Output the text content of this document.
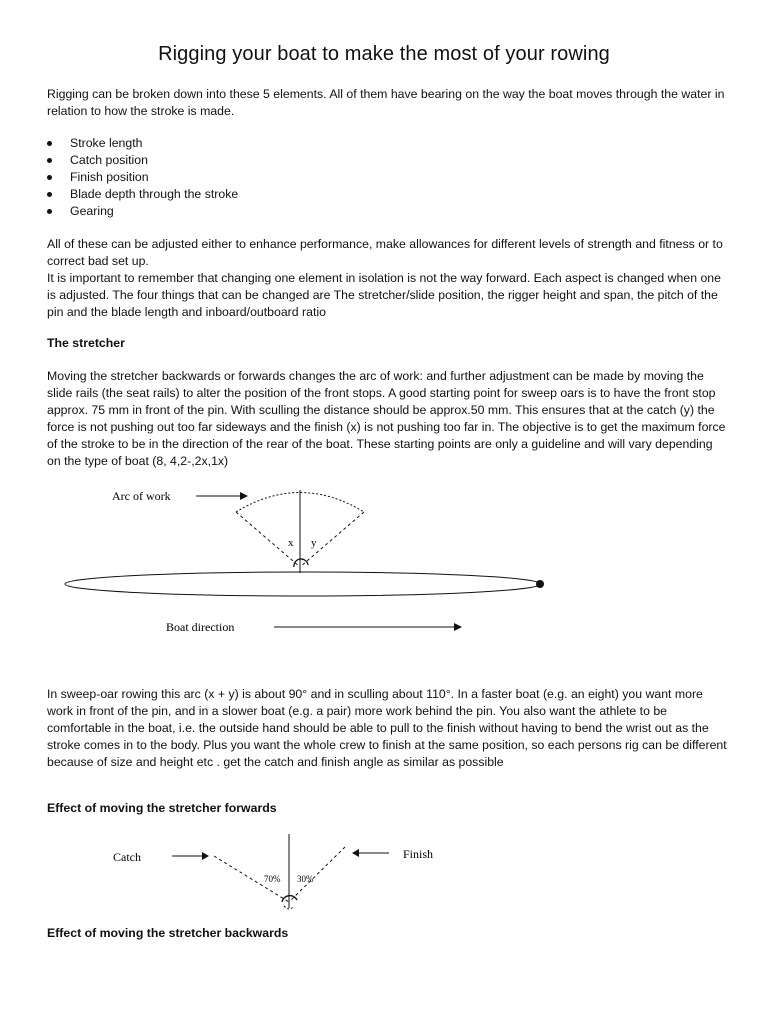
Rigging your boat to make the most of your rowing

Rigging can be broken down into these 5 elements. All of them have bearing on the way the boat moves through the water in relation to how the stroke is made.

Stroke length
Catch position
Finish position
Blade depth through the stroke
Gearing

All of these can be adjusted either to enhance performance, make allowances for different levels of strength and fitness or to correct bad set up.

It is important to remember that changing one element in isolation is not the way forward. Each aspect is changed when one is adjusted. The four things that can be changed are The stretcher/slide position, the rigger height and span, the pitch of the pin and the blade length and inboard/outboard ratio

The stretcher

Moving the stretcher backwards or forwards changes the arc of work: and further adjustment can be made by moving the slide rails (the seat rails) to alter the position of the front stops. A good starting point for sweep oars is to have the front stop approx. 75 mm in front of the pin. With sculling the distance should be approx.50 mm. This ensures that at the catch (y) the force is not pushing out too far sideways and the finish (x) is not pushing too far in. The objective is to get the maximum force of the stroke to be in the direction of the rear of the boat. These starting points are only a guideline and will vary depending on the type of boat (8, 4,2-,2x,1x)

Arc of work
x y
Boat direction

In sweep-oar rowing this arc (x + y) is about 90° and in sculling about 110°. In a faster boat (e.g. an eight) you want more work in front of the pin, and in a slower boat (e.g. a pair) more work behind the pin. You also want the athlete to be comfortable in the boat, i.e. the outside hand should be able to pull to the finish without having to bend the wrist out as the stroke comes in to the body. Plus you want the whole crew to finish at the same position, so each persons rig can be different because of size and height etc . get the catch and finish angle as similar as possible

Effect of moving the stretcher forwards

Catch
70% 30%
Finish

Effect of moving the stretcher backwards
